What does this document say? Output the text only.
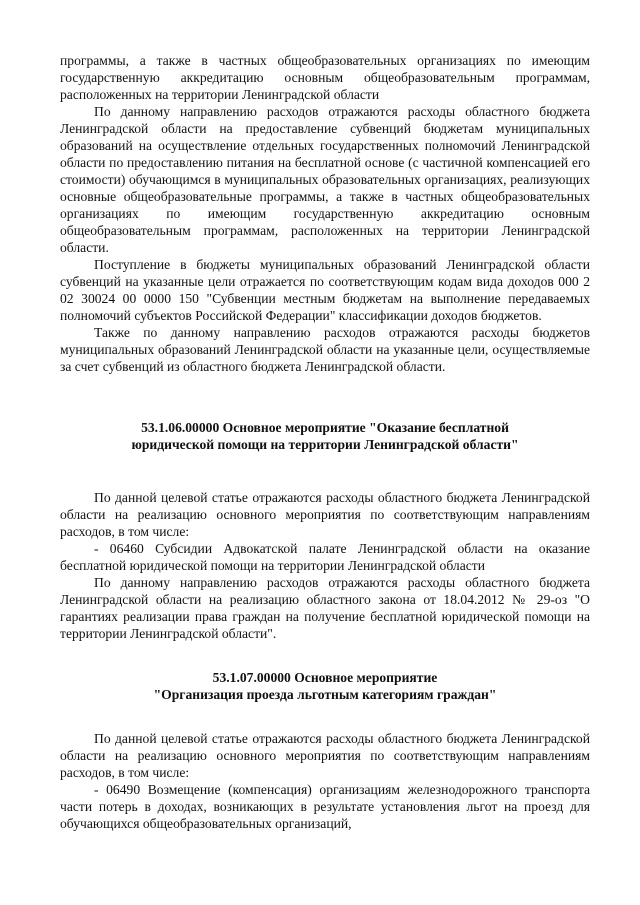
программы, а также в частных общеобразовательных организациях по имеющим государственную аккредитацию основным общеобразовательным программам, расположенных на территории Ленинградской области

По данному направлению расходов отражаются расходы областного бюджета Ленинградской области на предоставление субвенций бюджетам муниципальных образований на осуществление отдельных государственных полномочий Ленинградской области по предоставлению питания на бесплатной основе (с частичной компенсацией его стоимости) обучающимся в муниципальных образовательных организациях, реализующих основные общеобразовательные программы, а также в частных общеобразовательных организациях по имеющим государственную аккредитацию основным общеобразовательным программам, расположенных на территории Ленинградской области.

Поступление в бюджеты муниципальных образований Ленинградской области субвенций на указанные цели отражается по соответствующим кодам вида доходов 000 2 02 30024 00 0000 150 "Субвенции местным бюджетам на выполнение передаваемых полномочий субъектов Российской Федерации" классификации доходов бюджетов.

Также по данному направлению расходов отражаются расходы бюджетов муниципальных образований Ленинградской области на указанные цели, осуществляемые за счет субвенций из областного бюджета Ленинградской области.

53.1.06.00000 Основное мероприятие "Оказание бесплатной

юридической помощи на территории Ленинградской области"

По данной целевой статье отражаются расходы областного бюджета Ленинградской области на реализацию основного мероприятия по соответствующим направлениям расходов, в том числе:

- 06460 Субсидии Адвокатской палате Ленинградской области на оказание бесплатной юридической помощи на территории Ленинградской области

По данному направлению расходов отражаются расходы областного бюджета Ленинградской области на реализацию областного закона от 18.04.2012 № 29-оз "О гарантиях реализации права граждан на получение бесплатной юридической помощи на территории Ленинградской области".

53.1.07.00000 Основное мероприятие

"Организация проезда льготным категориям граждан"

По данной целевой статье отражаются расходы областного бюджета Ленинградской области на реализацию основного мероприятия по соответствующим направлениям расходов, в том числе:

- 06490 Возмещение (компенсация) организациям железнодорожного транспорта части потерь в доходах, возникающих в результате установления льгот на проезд для обучающихся общеобразовательных организаций,
